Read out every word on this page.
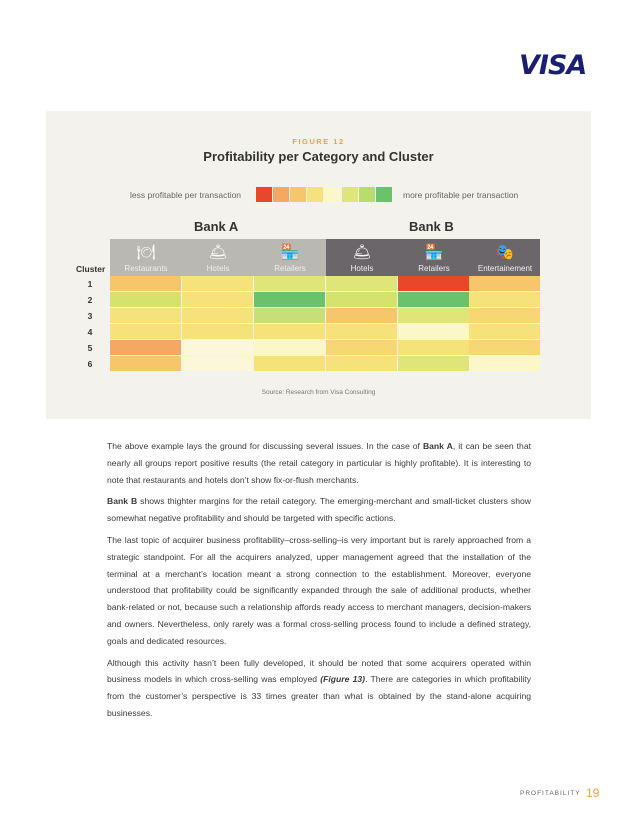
VISA
FIGURE 12
Profitability per Category and Cluster
less profitable per transaction	more profitable per transaction
Bank A	Bank B
🍽
Restaurants
🛎
Hotels
🏪
Retailers
🛎
Hotels
🏪
Retailers
🎭
Entertainement
Cluster
1
2
3
4
5
6
Source: Research from Visa Consulting

The above example lays the ground for discussing several issues. In the case of Bank A, it can be seen that nearly all groups report positive results (the retail category in particular is highly profitable). It is interesting to note that restaurants and hotels don’t show fix-or-flush merchants.

Bank B shows thighter margins for the retail category. The emerging-merchant and small-ticket clusters show somewhat negative profitability and should be targeted with specific actions.

The last topic of acquirer business profitability–cross-selling–is very important but is rarely approached from a strategic standpoint. For all the acquirers analyzed, upper management agreed that the installation of the terminal at a merchant’s location meant a strong connection to the establishment. Moreover, everyone understood that profitability could be significantly expanded through the sale of additional products, whether bank-related or not, because such a relationship affords ready access to merchant managers, decision-makers and owners. Nevertheless, only rarely was a formal cross-selling process found to include a defined strategy, goals and dedicated resources.

Although this activity hasn’t been fully developed, it should be noted that some acquirers operated within business models in which cross-selling was employed (Figure 13). There are categories in which profitability from the customer’s perspective is 33 times greater than what is obtained by the stand-alone acquiring businesses.

PROFITABILITY 19
